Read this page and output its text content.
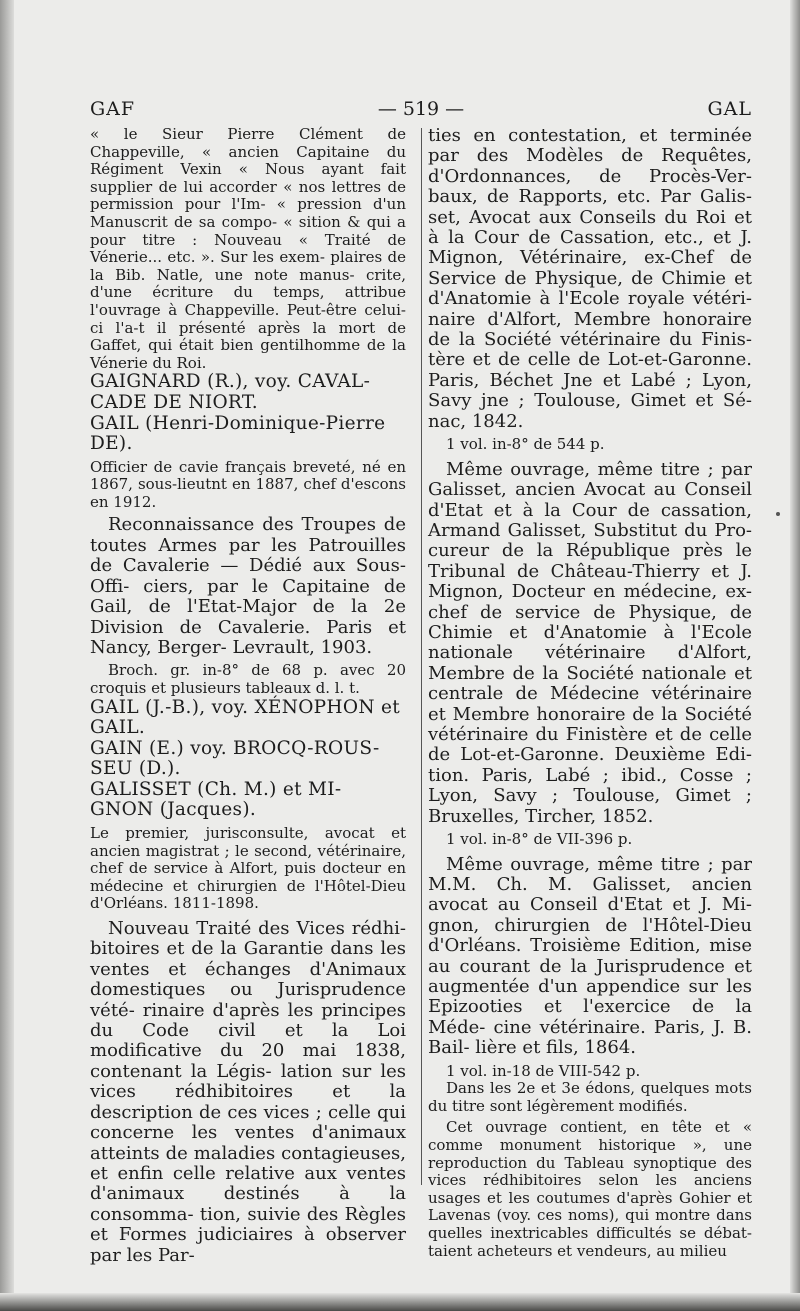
GAF	— 519 —	GAL

« le Sieur Pierre Clément de Chappeville, « ancien Capitaine du Régiment Vexin « Nous ayant fait supplier de lui accorder « nos lettres de permission pour l'Im- « pression d'un Manuscrit de sa compo- « sition & qui a pour titre : Nouveau « Traité de Vénerie... etc. ». Sur les exem- plaires de la Bib. Natle, une note manus- crite, d'une écriture du temps, attribue l'ouvrage à Chappeville. Peut-être celui- ci l'a-t il présenté après la mort de Gaffet, qui était bien gentilhomme de la Vénerie du Roi.

GAIGNARD (R.), voy. CAVAL- CADE DE NIORT.

GAIL (Henri-Dominique-Pierre DE).

Officier de cavie français breveté, né en 1867, sous-lieutnt en 1887, chef d'escons en 1912.

Reconnaissance des Troupes de toutes Armes par les Patrouilles de Cavalerie — Dédié aux Sous-Offi- ciers, par le Capitaine de Gail, de l'Etat-Major de la 2e Division de Cavalerie. Paris et Nancy, Berger- Levrault, 1903.

Broch. gr. in-8° de 68 p. avec 20 croquis et plusieurs tableaux d. l. t.

GAIL (J.-B.), voy. XÉNOPHON et GAIL.

GAIN (E.) voy. BROCQ-ROUS- SEU (D.).

GALISSET (Ch. M.) et MI- GNON (Jacques).

Le premier, jurisconsulte, avocat et ancien magistrat ; le second, vétérinaire, chef de service à Alfort, puis docteur en médecine et chirurgien de l'Hôtel-Dieu d'Orléans. 1811-1898.

Nouveau Traité des Vices rédhi- bitoires et de la Garantie dans les ventes et échanges d'Animaux domestiques ou Jurisprudence vété- rinaire d'après les principes du Code civil et la Loi modificative du 20 mai 1838, contenant la Légis- lation sur les vices rédhibitoires et la description de ces vices ; celle qui concerne les ventes d'animaux atteints de maladies contagieuses, et enfin celle relative aux ventes d'animaux destinés à la consomma- tion, suivie des Règles et Formes judiciaires à observer par les Par-

ties en contestation, et terminée par des Modèles de Requêtes, d'Ordonnances, de Procès-Ver- baux, de Rapports, etc. Par Galis- set, Avocat aux Conseils du Roi et à la Cour de Cassation, etc., et J. Mignon, Vétérinaire, ex-Chef de Service de Physique, de Chimie et d'Anatomie à l'Ecole royale vétéri- naire d'Alfort, Membre honoraire de la Société vétérinaire du Finis- tère et de celle de Lot-et-Garonne. Paris, Béchet Jne et Labé ; Lyon, Savy jne ; Toulouse, Gimet et Sé- nac, 1842.

1 vol. in-8° de 544 p.

Même ouvrage, même titre ; par Galisset, ancien Avocat au Conseil d'Etat et à la Cour de cassation, Armand Galisset, Substitut du Pro- cureur de la République près le Tribunal de Château-Thierry et J. Mignon, Docteur en médecine, ex-chef de service de Physique, de Chimie et d'Anatomie à l'Ecole nationale vétérinaire d'Alfort, Membre de la Société nationale et centrale de Médecine vétérinaire et Membre honoraire de la Société vétérinaire du Finistère et de celle de Lot-et-Garonne. Deuxième Edi- tion. Paris, Labé ; ibid., Cosse ; Lyon, Savy ; Toulouse, Gimet ; Bruxelles, Tircher, 1852.

1 vol. in-8° de VII-396 p.

Même ouvrage, même titre ; par M.M. Ch. M. Galisset, ancien avocat au Conseil d'Etat et J. Mi- gnon, chirurgien de l'Hôtel-Dieu d'Orléans. Troisième Edition, mise au courant de la Jurisprudence et augmentée d'un appendice sur les Epizooties et l'exercice de la Méde- cine vétérinaire. Paris, J. B. Bail- lière et fils, 1864.

1 vol. in-18 de VIII-542 p.

Dans les 2e et 3e édons, quelques mots du titre sont légèrement modifiés.

Cet ouvrage contient, en tête et « comme monument historique », une reproduction du Tableau synoptique des vices rédhibitoires selon les anciens usages et les coutumes d'après Gohier et Lavenas (voy. ces noms), qui montre dans quelles inextricables difficultés se débat- taient acheteurs et vendeurs, au milieu
